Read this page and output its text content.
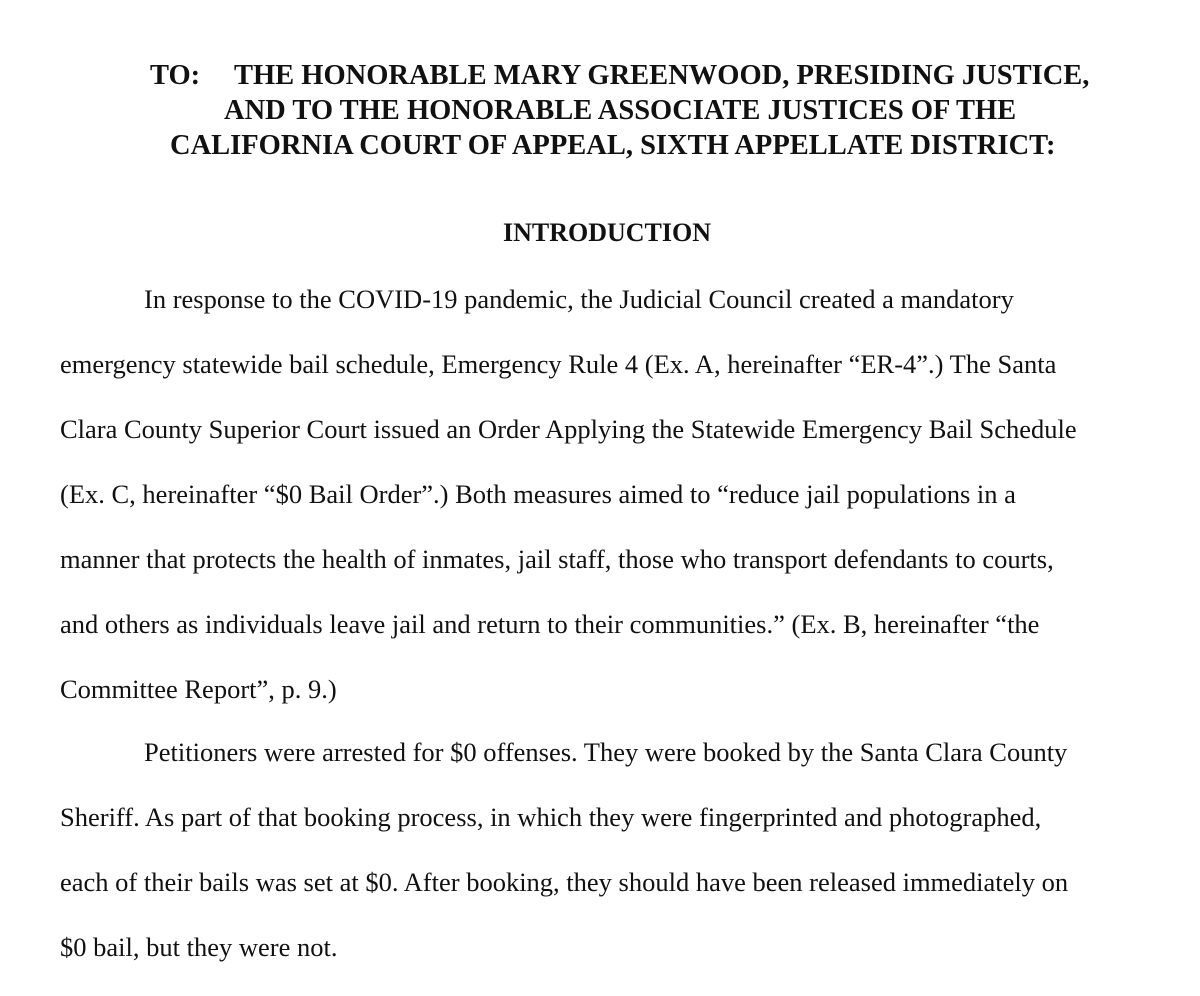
TO: THE HONORABLE MARY GREENWOOD, PRESIDING JUSTICE,
AND TO THE HONORABLE ASSOCIATE JUSTICES OF THE
CALIFORNIA COURT OF APPEAL, SIXTH APPELLATE DISTRICT:
INTRODUCTION
In response to the COVID-19 pandemic, the Judicial Council created a mandatory
emergency statewide bail schedule, Emergency Rule 4 (Ex. A, hereinafter “ER-4”.) The Santa
Clara County Superior Court issued an Order Applying the Statewide Emergency Bail Schedule
(Ex. C, hereinafter “$0 Bail Order”.) Both measures aimed to “reduce jail populations in a
manner that protects the health of inmates, jail staff, those who transport defendants to courts,
and others as individuals leave jail and return to their communities.” (Ex. B, hereinafter “the
Committee Report”, p. 9.)
Petitioners were arrested for $0 offenses. They were booked by the Santa Clara County
Sheriff. As part of that booking process, in which they were fingerprinted and photographed,
each of their bails was set at $0. After booking, they should have been released immediately on
$0 bail, but they were not.
